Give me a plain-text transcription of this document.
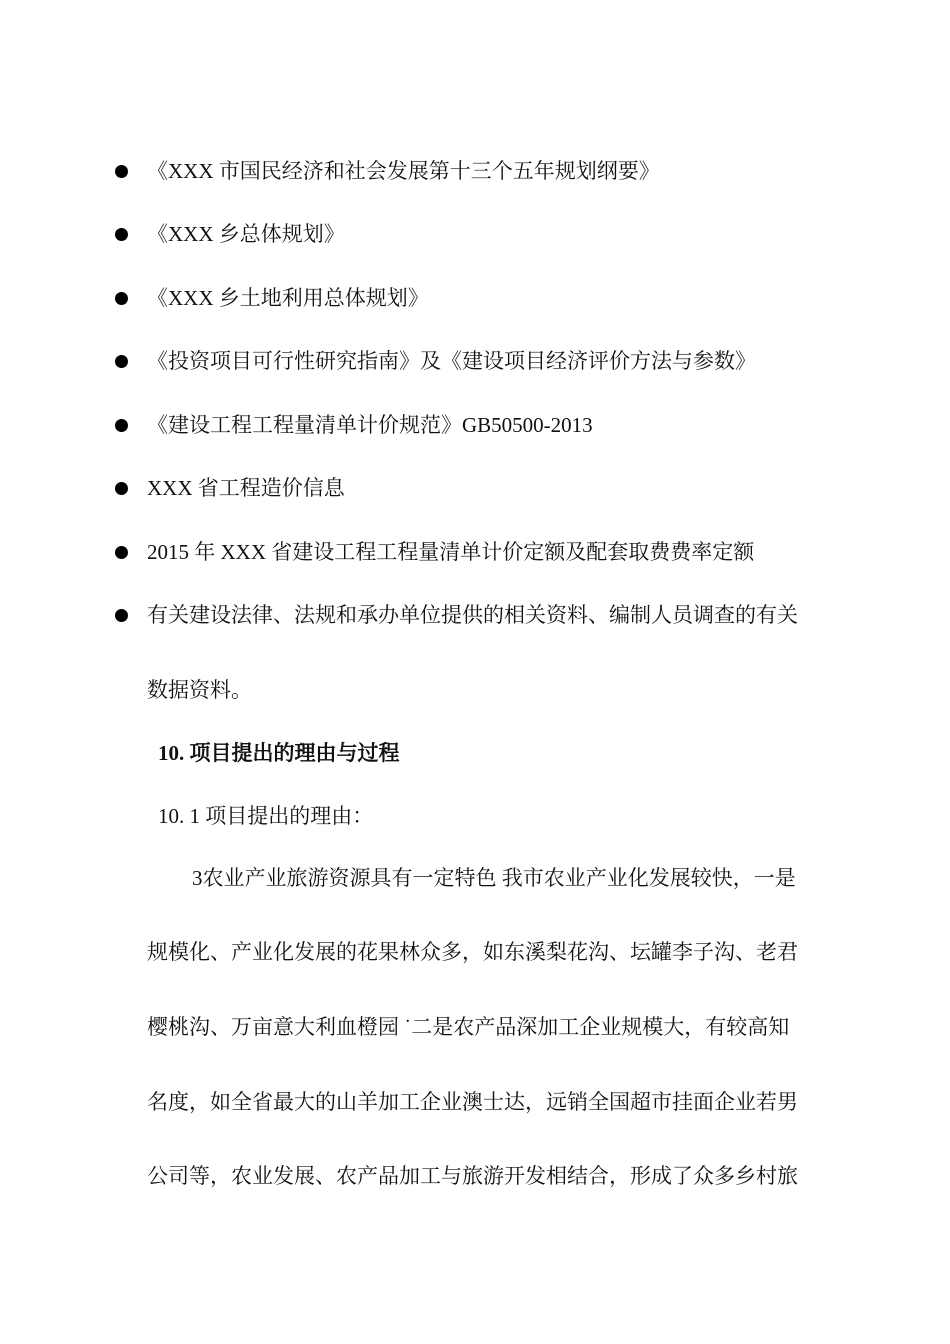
《XXX 市国民经济和社会发展第十三个五年规划纲要》
《XXX 乡总体规划》
《XXX 乡土地利用总体规划》
《投资项目可行性研究指南》及《建设项目经济评价方法与参数》
《建设工程工程量清单计价规范》GB50500-2013
XXX 省工程造价信息
2015 年 XXX 省建设工程工程量清单计价定额及配套取费费率定额
有关建设法律、法规和承办单位提供的相关资料、编制人员调查的有关
数据资料。
10. 项目提出的理由与过程
10. 1 项目提出的理由：
3农业产业旅游资源具有一定特色 我市农业产业化发展较快，一是
规模化、产业化发展的花果林众多，如东溪梨花沟、坛罐李子沟、老君
樱桃沟、万亩意大利血橙园 ˙二是农产品深加工企业规模大，有较高知
名度，如全省最大的山羊加工企业澳士达，远销全国超市挂面企业若男
公司等，农业发展、农产品加工与旅游开发相结合，形成了众多乡村旅
